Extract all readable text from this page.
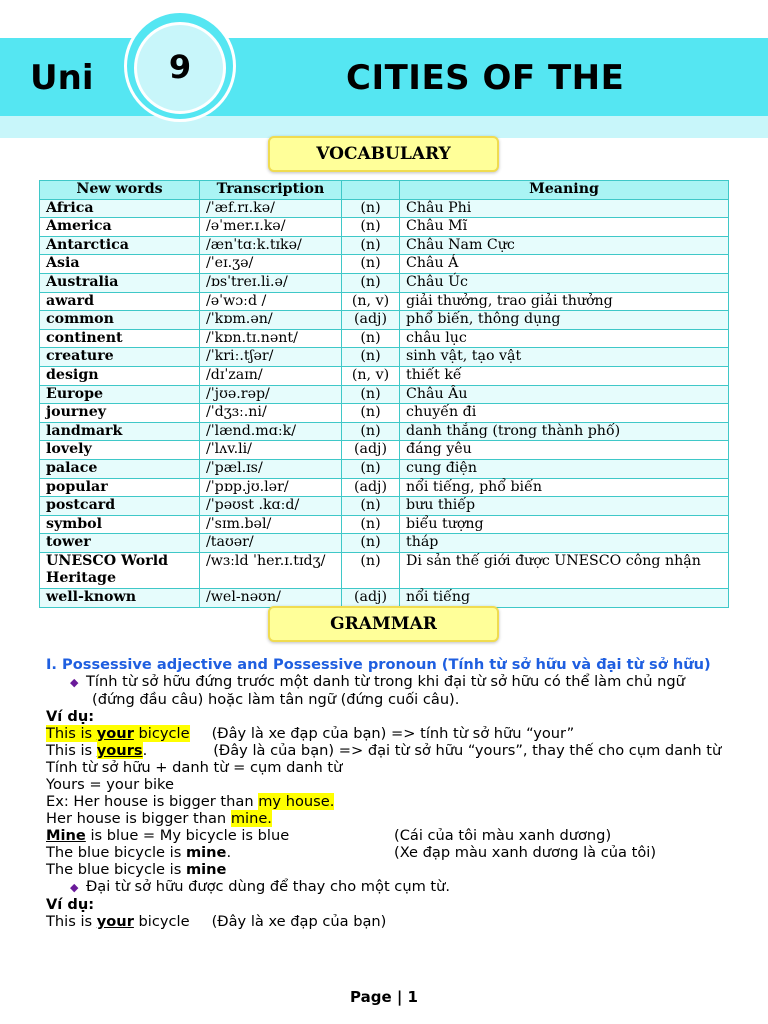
Uni	9	CITIES OF THE
VOCABULARY
New words	Transcription		Meaning
Africa	/ˈæf.rɪ.kə/	(n)	Châu Phi
America	/əˈmer.ɪ.kə/	(n)	Châu Mĩ
Antarctica	/ænˈtɑːk.tɪkə/	(n)	Châu Nam Cực
Asia	/ˈeɪ.ʒə/	(n)	Châu Á
Australia	/ɒsˈtreɪ.li.ə/	(n)	Châu Úc
award	/əˈwɔːd /	(n, v)	giải thưởng, trao giải thưởng
common	/ˈkɒm.ən/	(adj)	phổ biến, thông dụng
continent	/ˈkɒn.tɪ.nənt/	(n)	châu lục
creature	/ˈkriː.tʃər/	(n)	sinh vật, tạo vật
design	/dɪˈzaɪn/	(n, v)	thiết kế
Europe	/ˈjʊə.rəp/	(n)	Châu Âu
journey	/ˈdʒɜː.ni/	(n)	chuyến đi
landmark	/ˈlænd.mɑːk/	(n)	danh thắng (trong thành phố)
lovely	/ˈlʌv.li/	(adj)	đáng yêu
palace	/ˈpæl.ɪs/	(n)	cung điện
popular	/ˈpɒp.jʊ.lər/	(adj)	nổi tiếng, phổ biến
postcard	/ˈpəʊst .kɑːd/	(n)	bưu thiếp
symbol	/ˈsɪm.bəl/	(n)	biểu tượng
tower	/taʊər/	(n)	tháp
UNESCO World Heritage	/wɜːld ˈher.ɪ.tɪdʒ/	(n)	Di sản thế giới được UNESCO công nhận
well-known	/wel-nəʊn/	(adj)	nổi tiếng
GRAMMAR

I. Possessive adjective and Possessive pronoun (Tính từ sở hữu và đại từ sở hữu)

◆ Tính từ sở hữu đứng trước một danh từ trong khi đại từ sở hữu có thể làm chủ ngữ (đứng đầu câu) hoặc làm tân ngữ (đứng cuối câu).

Ví dụ:

This is your bicycle (Đây là xe đạp của bạn) => tính từ sở hữu “your”

This is yours.	(Đây là của bạn) => đại từ sở hữu “yours”, thay thế cho cụm danh từ

Tính từ sở hữu + danh từ = cụm danh từ

Yours = your bike

Ex: Her house is bigger than my house.

Her house is bigger than mine.

Mine is blue = My bicycle is blue	(Cái của tôi màu xanh dương)
The blue bicycle is mine.	(Xe đạp màu xanh dương là của tôi)

The blue bicycle is mine

◆ Đại từ sở hữu được dùng để thay cho một cụm từ.

Ví dụ:

This is your bicycle (Đây là xe đạp của bạn)

Page | 1
